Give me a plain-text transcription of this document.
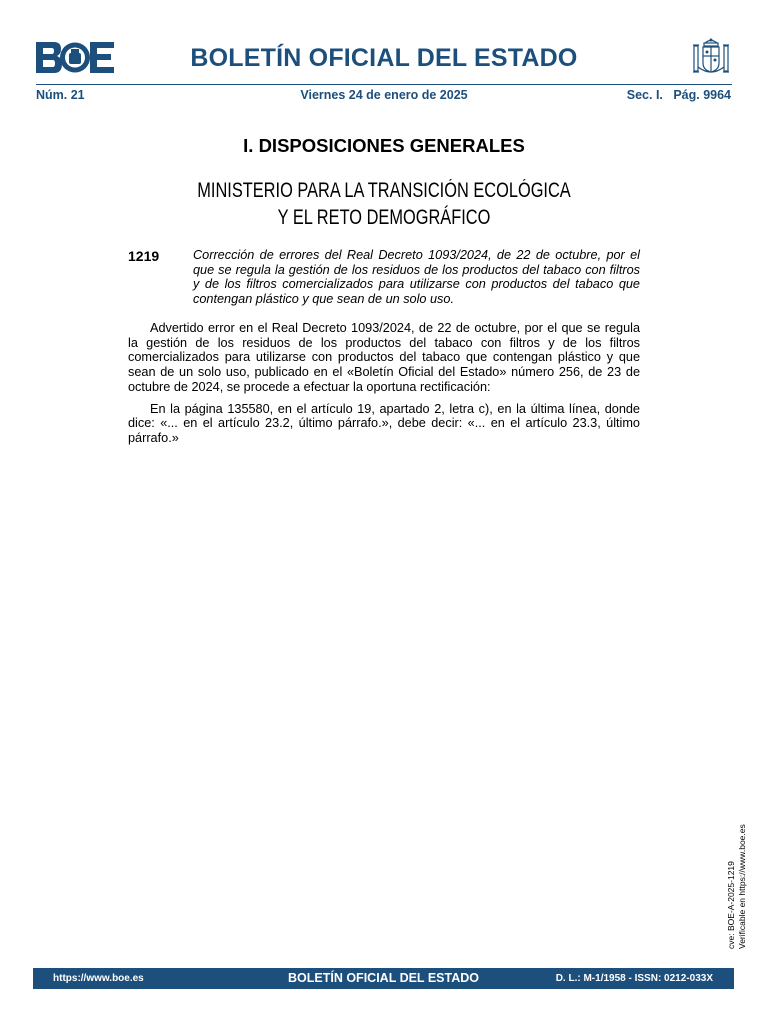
BOLETÍN OFICIAL DEL ESTADO
Núm. 21	Viernes 24 de enero de 2025	Sec. I.   Pág. 9964
I. DISPOSICIONES GENERALES
MINISTERIO PARA LA TRANSICIÓN ECOLÓGICA
Y EL RETO DEMOGRÁFICO
1219	Corrección de errores del Real Decreto 1093/2024, de 22 de octubre, por el que se regula la gestión de los residuos de los productos del tabaco con filtros y de los filtros comercializados para utilizarse con productos del tabaco que contengan plástico y que sean de un solo uso.

Advertido error en el Real Decreto 1093/2024, de 22 de octubre, por el que se regula la gestión de los residuos de los productos del tabaco con filtros y de los filtros comercializados para utilizarse con productos del tabaco que contengan plástico y que sean de un solo uso, publicado en el «Boletín Oficial del Estado» número 256, de 23 de octubre de 2024, se procede a efectuar la oportuna rectificación:

En la página 135580, en el artículo 19, apartado 2, letra c), en la última línea, donde dice: «... en el artículo 23.2, último párrafo.», debe decir: «... en el artículo 23.3, último párrafo.»

cve: BOE-A-2025-1219 Verificable en https://www.boe.es
https://www.boe.es	BOLETÍN OFICIAL DEL ESTADO	D. L.: M-1/1958 - ISSN: 0212-033X
